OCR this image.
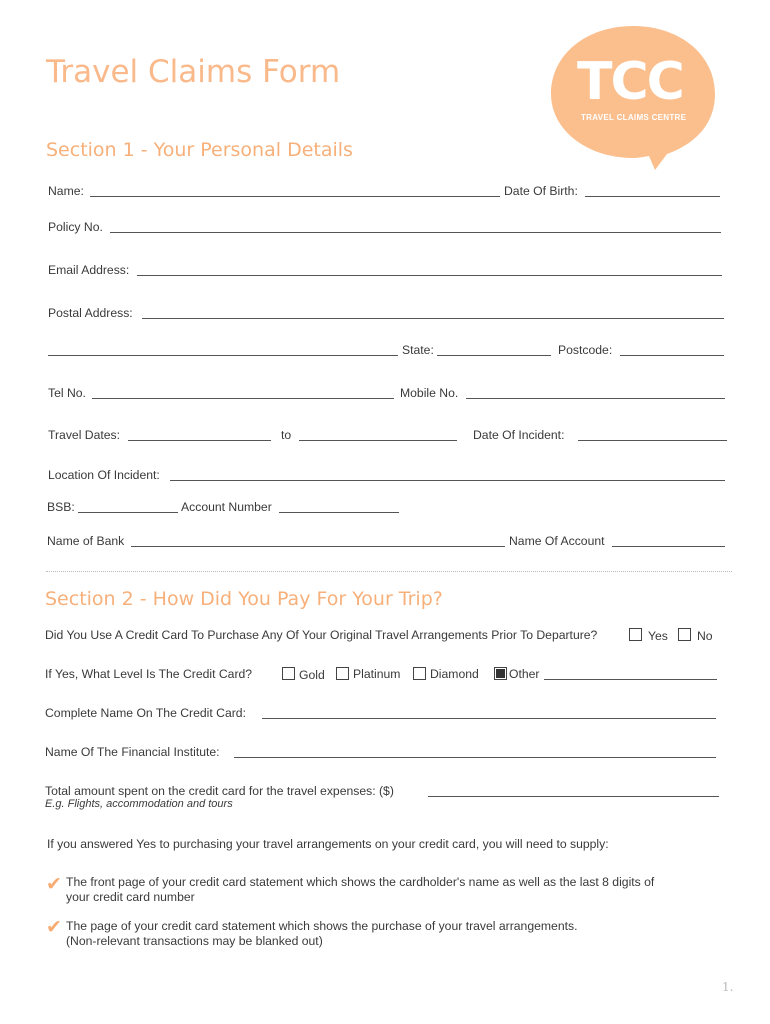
Travel Claims Form	TCC
TRAVEL CLAIMS CENTRE
Section 1 - Your Personal Details
Name:	Date Of Birth:
Policy No.
Email Address:
Postal Address:
State:	Postcode:
Tel No.	Mobile No.
Travel Dates:	to	Date Of Incident:
Location Of Incident:
BSB:	Account Number
Name of Bank	Name Of Account
Section 2 - How Did You Pay For Your Trip?
Did You Use A Credit Card To Purchase Any Of Your Original Travel Arrangements Prior To Departure?	Yes No
If Yes, What Level Is The Credit Card?	Gold Platinum Diamond Other
Complete Name On The Credit Card:
Name Of The Financial Institute:
Total amount spent on the credit card for the travel expenses: ($)
E.g. Flights, accommodation and tours
If you answered Yes to purchasing your travel arrangements on your credit card, you will need to supply:
✔ The front page of your credit card statement which shows the cardholder's name as well as the last 8 digits of
your credit card number
✔ The page of your credit card statement which shows the purchase of your travel arrangements.
(Non-relevant transactions may be blanked out)
1.
